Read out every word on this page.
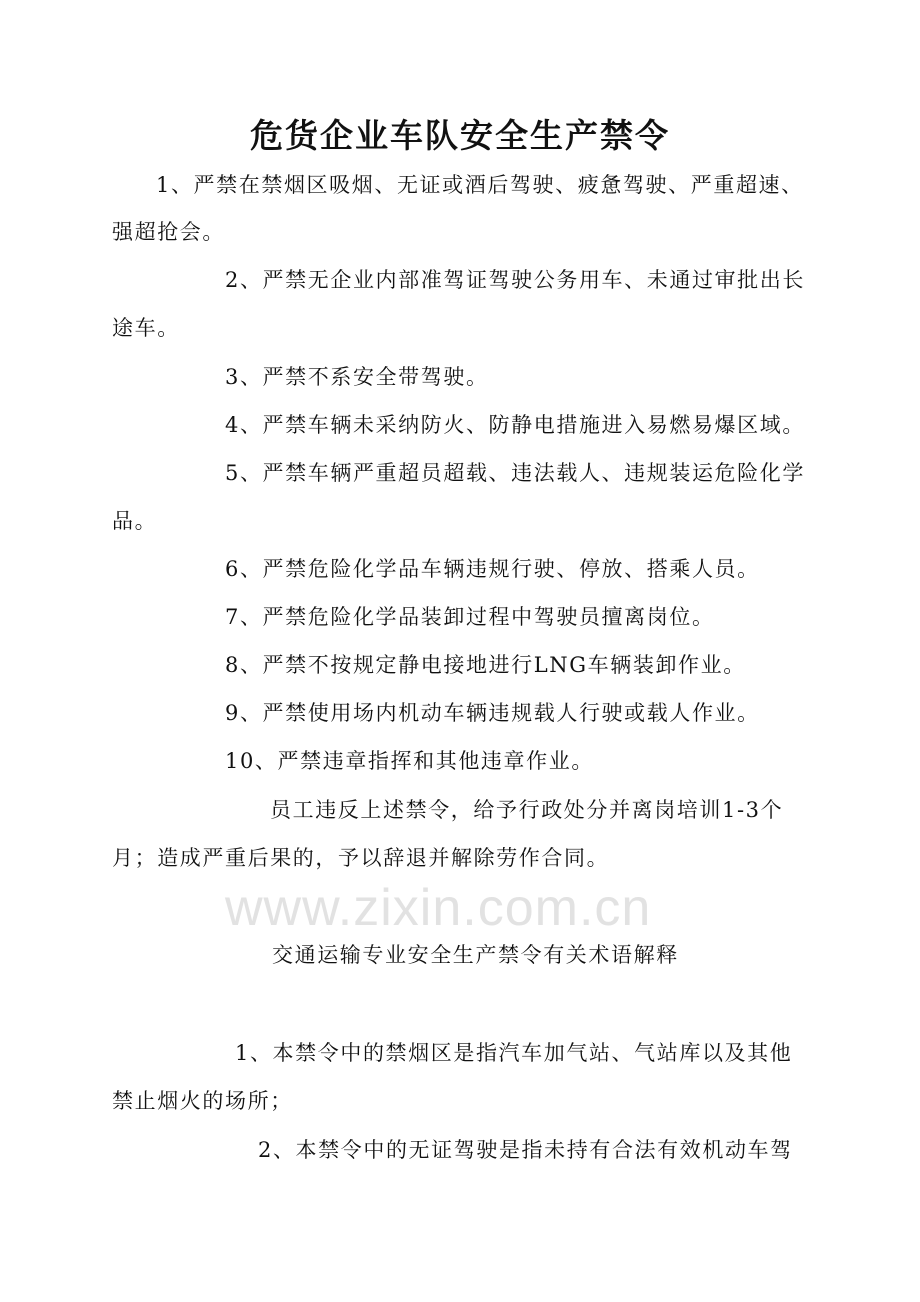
www.zixin.com.cn
危货企业车队安全生产禁令
1、严禁在禁烟区吸烟、无证或酒后驾驶、疲惫驾驶、严重超速、
强超抢会。
2、严禁无企业内部准驾证驾驶公务用车、未通过审批出长
途车。
3、严禁不系安全带驾驶。
4、严禁车辆未采纳防火、防静电措施进入易燃易爆区域。
5、严禁车辆严重超员超载、违法载人、违规装运危险化学
品。
6、严禁危险化学品车辆违规行驶、停放、搭乘人员。
7、严禁危险化学品装卸过程中驾驶员擅离岗位。
8、严禁不按规定静电接地进行LNG车辆装卸作业。
9、严禁使用场内机动车辆违规载人行驶或载人作业。
10、严禁违章指挥和其他违章作业。
员工违反上述禁令，给予行政处分并离岗培训1-3个
月；造成严重后果的，予以辞退并解除劳作合同。
交通运输专业安全生产禁令有关术语解释
1、本禁令中的禁烟区是指汽车加气站、气站库以及其他
禁止烟火的场所；
2、本禁令中的无证驾驶是指未持有合法有效机动车驾
